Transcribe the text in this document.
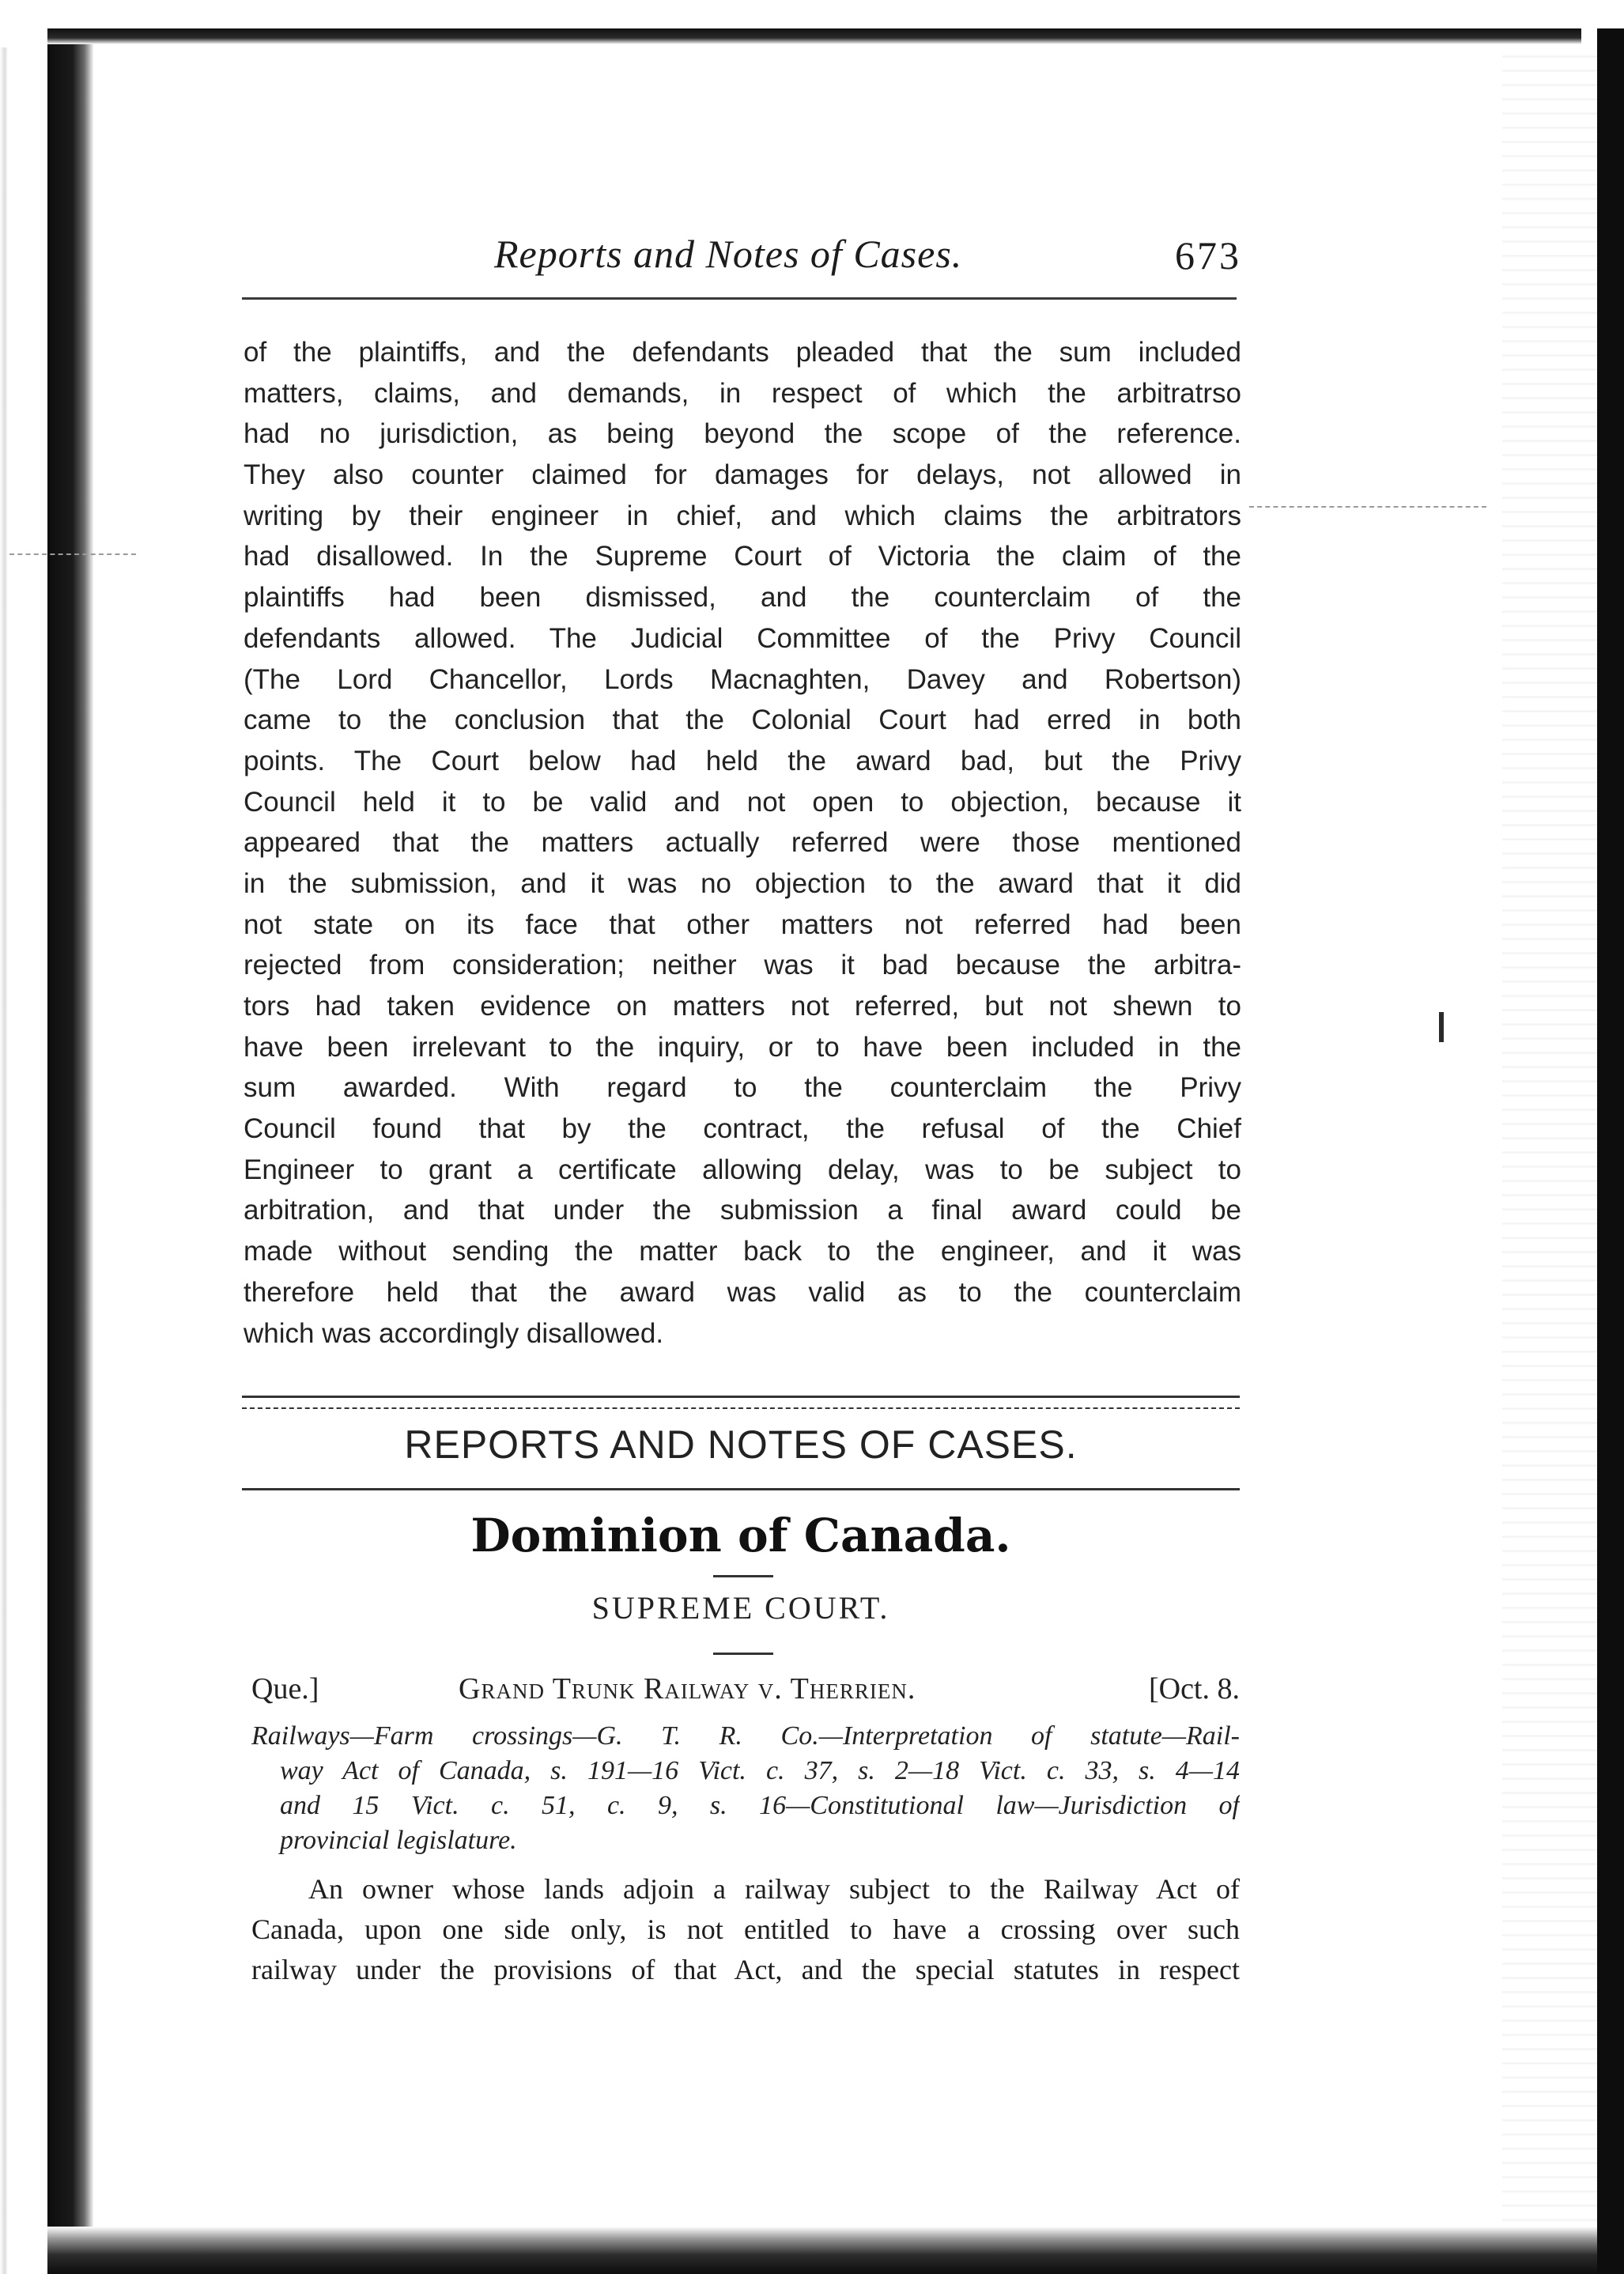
Reports and Notes of Cases.	673
of the plaintiffs, and the defendants pleaded that the sum included
matters, claims, and demands, in respect of which the arbitratrso
had no jurisdiction, as being beyond the scope of the reference.
They also counter claimed for damages for delays, not allowed in
writing by their engineer in chief, and which claims the arbitrators
had disallowed. In the Supreme Court of Victoria the claim of the
plaintiffs had been dismissed, and the counterclaim of the
defendants allowed. The Judicial Committee of the Privy Council
(The Lord Chancellor, Lords Macnaghten, Davey and Robertson)
came to the conclusion that the Colonial Court had erred in both
points. The Court below had held the award bad, but the Privy
Council held it to be valid and not open to objection, because it
appeared that the matters actually referred were those mentioned
in the submission, and it was no objection to the award that it did
not state on its face that other matters not referred had been
rejected from consideration; neither was it bad because the arbitra-
tors had taken evidence on matters not referred, but not shewn to
have been irrelevant to the inquiry, or to have been included in the
sum awarded. With regard to the counterclaim the Privy
Council found that by the contract, the refusal of the Chief
Engineer to grant a certificate allowing delay, was to be subject to
arbitration, and that under the submission a final award could be
made without sending the matter back to the engineer, and it was
therefore held that the award was valid as to the counterclaim
which was accordingly disallowed.
REPORTS AND NOTES OF CASES.
Dominion of Canada.
SUPREME COURT.
Que.]	Grand Trunk Railway v. Therrien.	[Oct. 8.
Railways—Farm crossings—G. T. R. Co.—Interpretation of statute—Rail-
way Act of Canada, s. 191—16 Vict. c. 37, s. 2—18 Vict. c. 33, s. 4—14
and 15 Vict. c. 51, c. 9, s. 16—Constitutional law—Jurisdiction of
provincial legislature.
An owner whose lands adjoin a railway subject to the Railway Act of
Canada, upon one side only, is not entitled to have a crossing over such
railway under the provisions of that Act, and the special statutes in respect
